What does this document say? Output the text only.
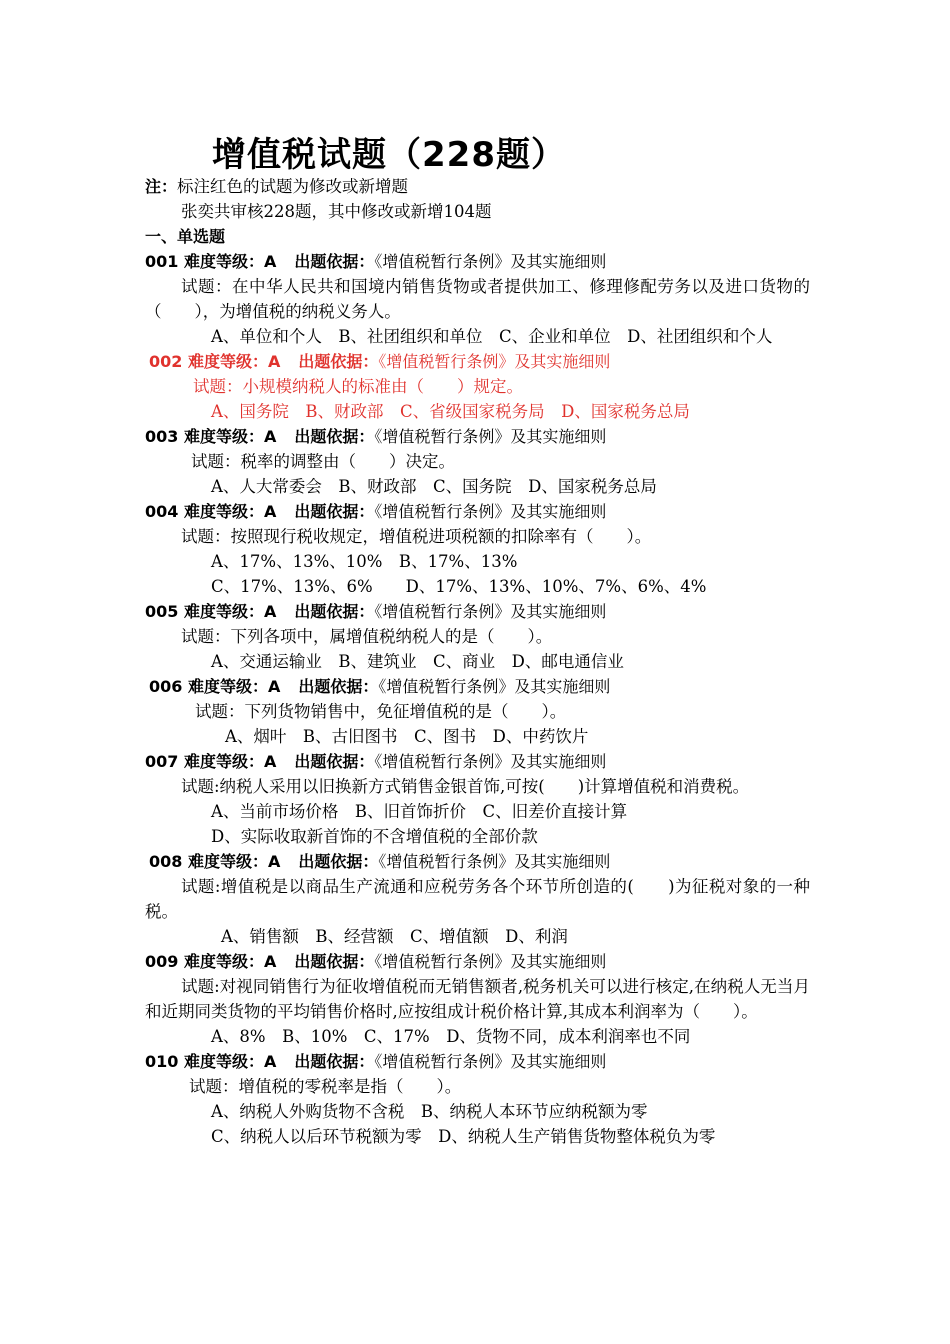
增值税试题（228题）
注：标注红色的试题为修改或新增题
张奕共审核228题，其中修改或新增104题
一、单选题
001 难度等级：A 出题依据：《增值税暂行条例》及其实施细则
试题：在中华人民共和国境内销售货物或者提供加工、修理修配劳务以及进口货物的（　　），为增值税的纳税义务人。
A、单位和个人　B、社团组织和单位　C、企业和单位　D、社团组织和个人
002 难度等级：A 出题依据：《增值税暂行条例》及其实施细则
试题：小规模纳税人的标准由（　　）规定。
A、国务院　B、财政部　C、省级国家税务局　D、国家税务总局
003 难度等级：A 出题依据：《增值税暂行条例》及其实施细则
试题：税率的调整由（　　）决定。
A、人大常委会　B、财政部　C、国务院　D、国家税务总局
004 难度等级：A 出题依据：《增值税暂行条例》及其实施细则
试题：按照现行税收规定，增值税进项税额的扣除率有（　　）。
A、17%、13%、10%　B、17%、13%
C、17%、13%、6%　　D、17%、13%、10%、7%、6%、4%
005 难度等级：A 出题依据：《增值税暂行条例》及其实施细则
试题：下列各项中，属增值税纳税人的是（　　）。
A、交通运输业　B、建筑业　C、商业　D、邮电通信业
006 难度等级：A 出题依据：《增值税暂行条例》及其实施细则
试题：下列货物销售中，免征增值税的是（　　）。
A、烟叶　B、古旧图书　C、图书　D、中药饮片
007 难度等级：A 出题依据：《增值税暂行条例》及其实施细则
试题:纳税人采用以旧换新方式销售金银首饰,可按(　　)计算增值税和消费税。
A、当前市场价格　B、旧首饰折价　C、旧差价直接计算
D、实际收取新首饰的不含增值税的全部价款
008 难度等级：A 出题依据：《增值税暂行条例》及其实施细则
试题:增值税是以商品生产流通和应税劳务各个环节所创造的(　　)为征税对象的一种税。
A、销售额　B、经营额　C、增值额　D、利润
009 难度等级：A 出题依据：《增值税暂行条例》及其实施细则
试题:对视同销售行为征收增值税而无销售额者,税务机关可以进行核定,在纳税人无当月和近期同类货物的平均销售价格时,应按组成计税价格计算,其成本利润率为（　　）。
A、8%　B、10%　C、17%　D、货物不同，成本利润率也不同
010 难度等级：A 出题依据：《增值税暂行条例》及其实施细则
试题：增值税的零税率是指（　　）。
A、纳税人外购货物不含税　B、纳税人本环节应纳税额为零
C、纳税人以后环节税额为零　D、纳税人生产销售货物整体税负为零
